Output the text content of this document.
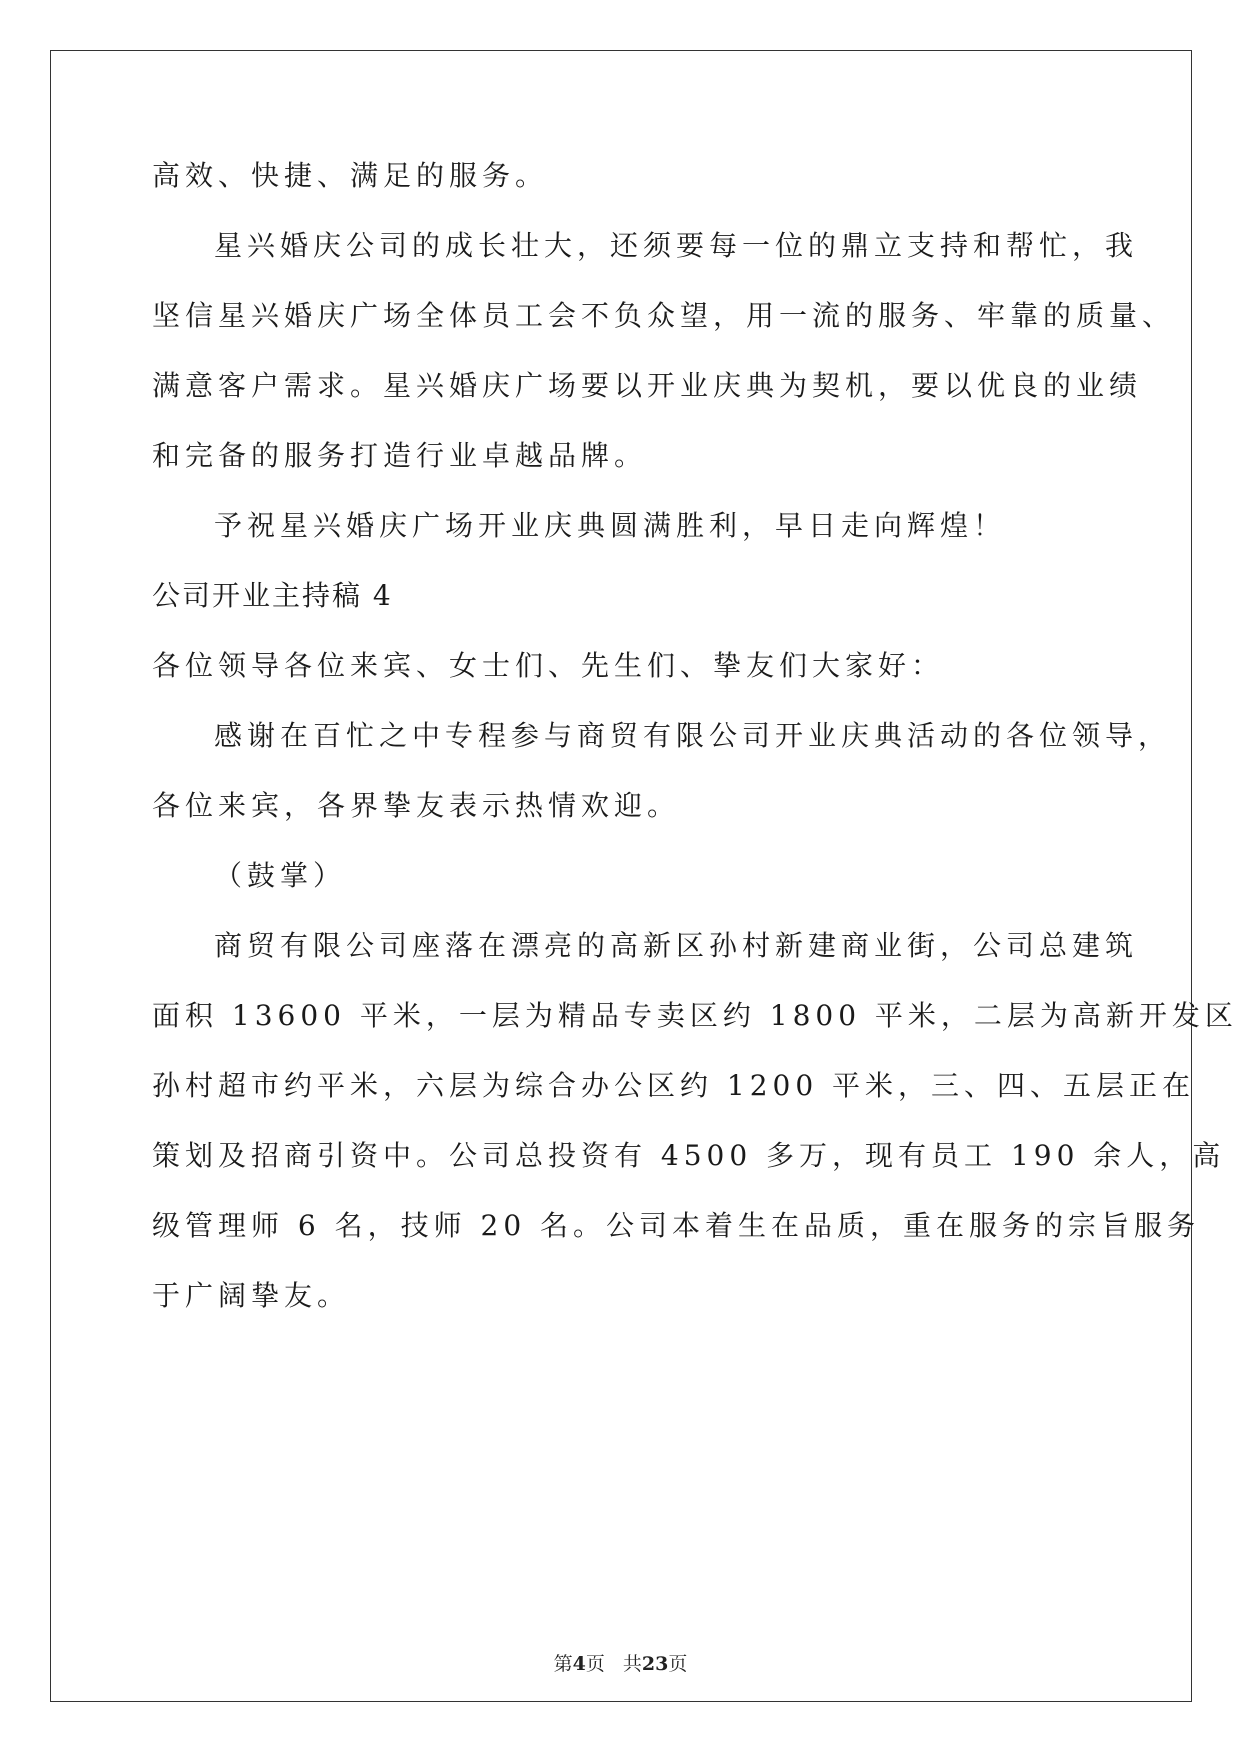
高效、快捷、满足的服务。
星兴婚庆公司的成长壮大，还须要每一位的鼎立支持和帮忙，我
坚信星兴婚庆广场全体员工会不负众望，用一流的服务、牢靠的质量、
满意客户需求。星兴婚庆广场要以开业庆典为契机，要以优良的业绩
和完备的服务打造行业卓越品牌。
予祝星兴婚庆广场开业庆典圆满胜利，早日走向辉煌！
公司开业主持稿 4
各位领导各位来宾、女士们、先生们、挚友们大家好：
感谢在百忙之中专程参与商贸有限公司开业庆典活动的各位领导，
各位来宾，各界挚友表示热情欢迎。
（鼓掌）
商贸有限公司座落在漂亮的高新区孙村新建商业街，公司总建筑
面积 13600 平米，一层为精品专卖区约 1800 平米，二层为高新开发区
孙村超市约平米，六层为综合办公区约 1200 平米，三、四、五层正在
策划及招商引资中。公司总投资有 4500 多万，现有员工 190 余人，高
级管理师 6 名，技师 20 名。公司本着生在品质，重在服务的宗旨服务
于广阔挚友。
第4页 共23页
